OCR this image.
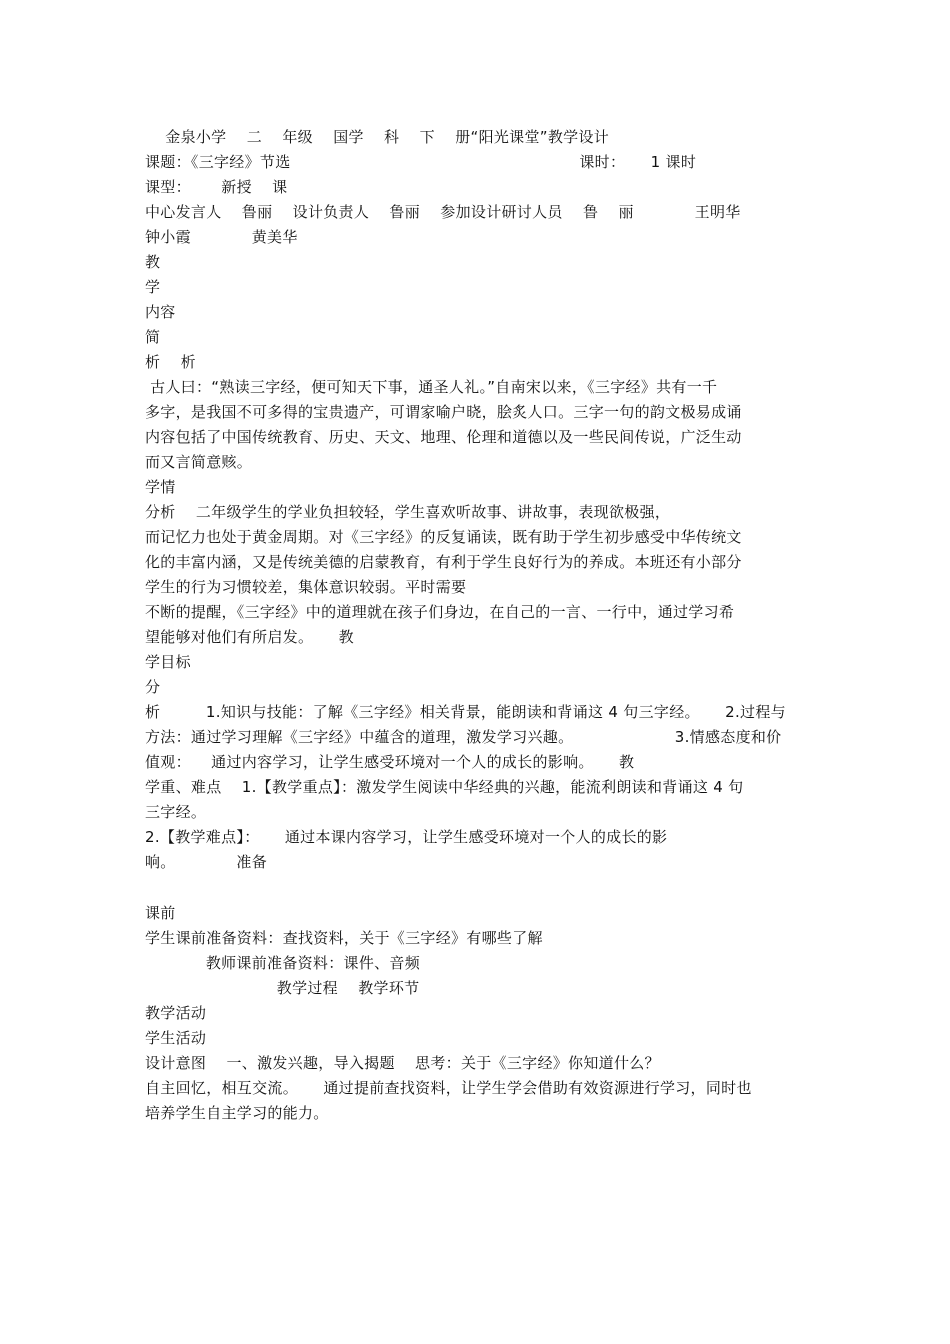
金泉小学    二    年级    国学    科    下    册“阳光课堂”教学设计
课题：《三字经》节选                                                         课时：     1 课时
课型：      新授    课
中心发言人    鲁丽    设计负责人    鲁丽    参加设计研讨人员    鲁    丽            王明华
钟小霞            黄美华
教
学
内容
简
析    析
古人曰：“熟读三字经，便可知天下事，通圣人礼。”自南宋以来，《三字经》共有一千
多字，是我国不可多得的宝贵遗产，可谓家喻户晓，脍炙人口。三字一句的韵文极易成诵
内容包括了中国传统教育、历史、天文、地理、伦理和道德以及一些民间传说，广泛生动
而又言简意赅。
学情
分析    二年级学生的学业负担较轻，学生喜欢听故事、讲故事，表现欲极强，
而记忆力也处于黄金周期。对《三字经》的反复诵读，既有助于学生初步感受中华传统文
化的丰富内涵，又是传统美德的启蒙教育，有利于学生良好行为的养成。本班还有小部分
学生的行为习惯较差，集体意识较弱。平时需要
不断的提醒，《三字经》中的道理就在孩子们身边，在自己的一言、一行中，通过学习希
望能够对他们有所启发。     教
学目标
分
析         1.知识与技能：了解《三字经》相关背景，能朗读和背诵这 4 句三字经。     2.过程与
方法：通过学习理解《三字经》中蕴含的道理，激发学习兴趣。                    3.情感态度和价
值观：    通过内容学习，让学生感受环境对一个人的成长的影响。     教
学重、难点    1.【教学重点】：激发学生阅读中华经典的兴趣，能流利朗读和背诵这 4 句
三字经。
2.【教学难点】：     通过本课内容学习，让学生感受环境对一个人的成长的影
响。            准备
课前
学生课前准备资料：查找资料，关于《三字经》有哪些了解
教师课前准备资料：课件、音频
教学过程    教学环节
教学活动
学生活动
设计意图    一、激发兴趣，导入揭题    思考：关于《三字经》你知道什么？
自主回忆，相互交流。     通过提前查找资料，让学生学会借助有效资源进行学习，同时也
培养学生自主学习的能力。
